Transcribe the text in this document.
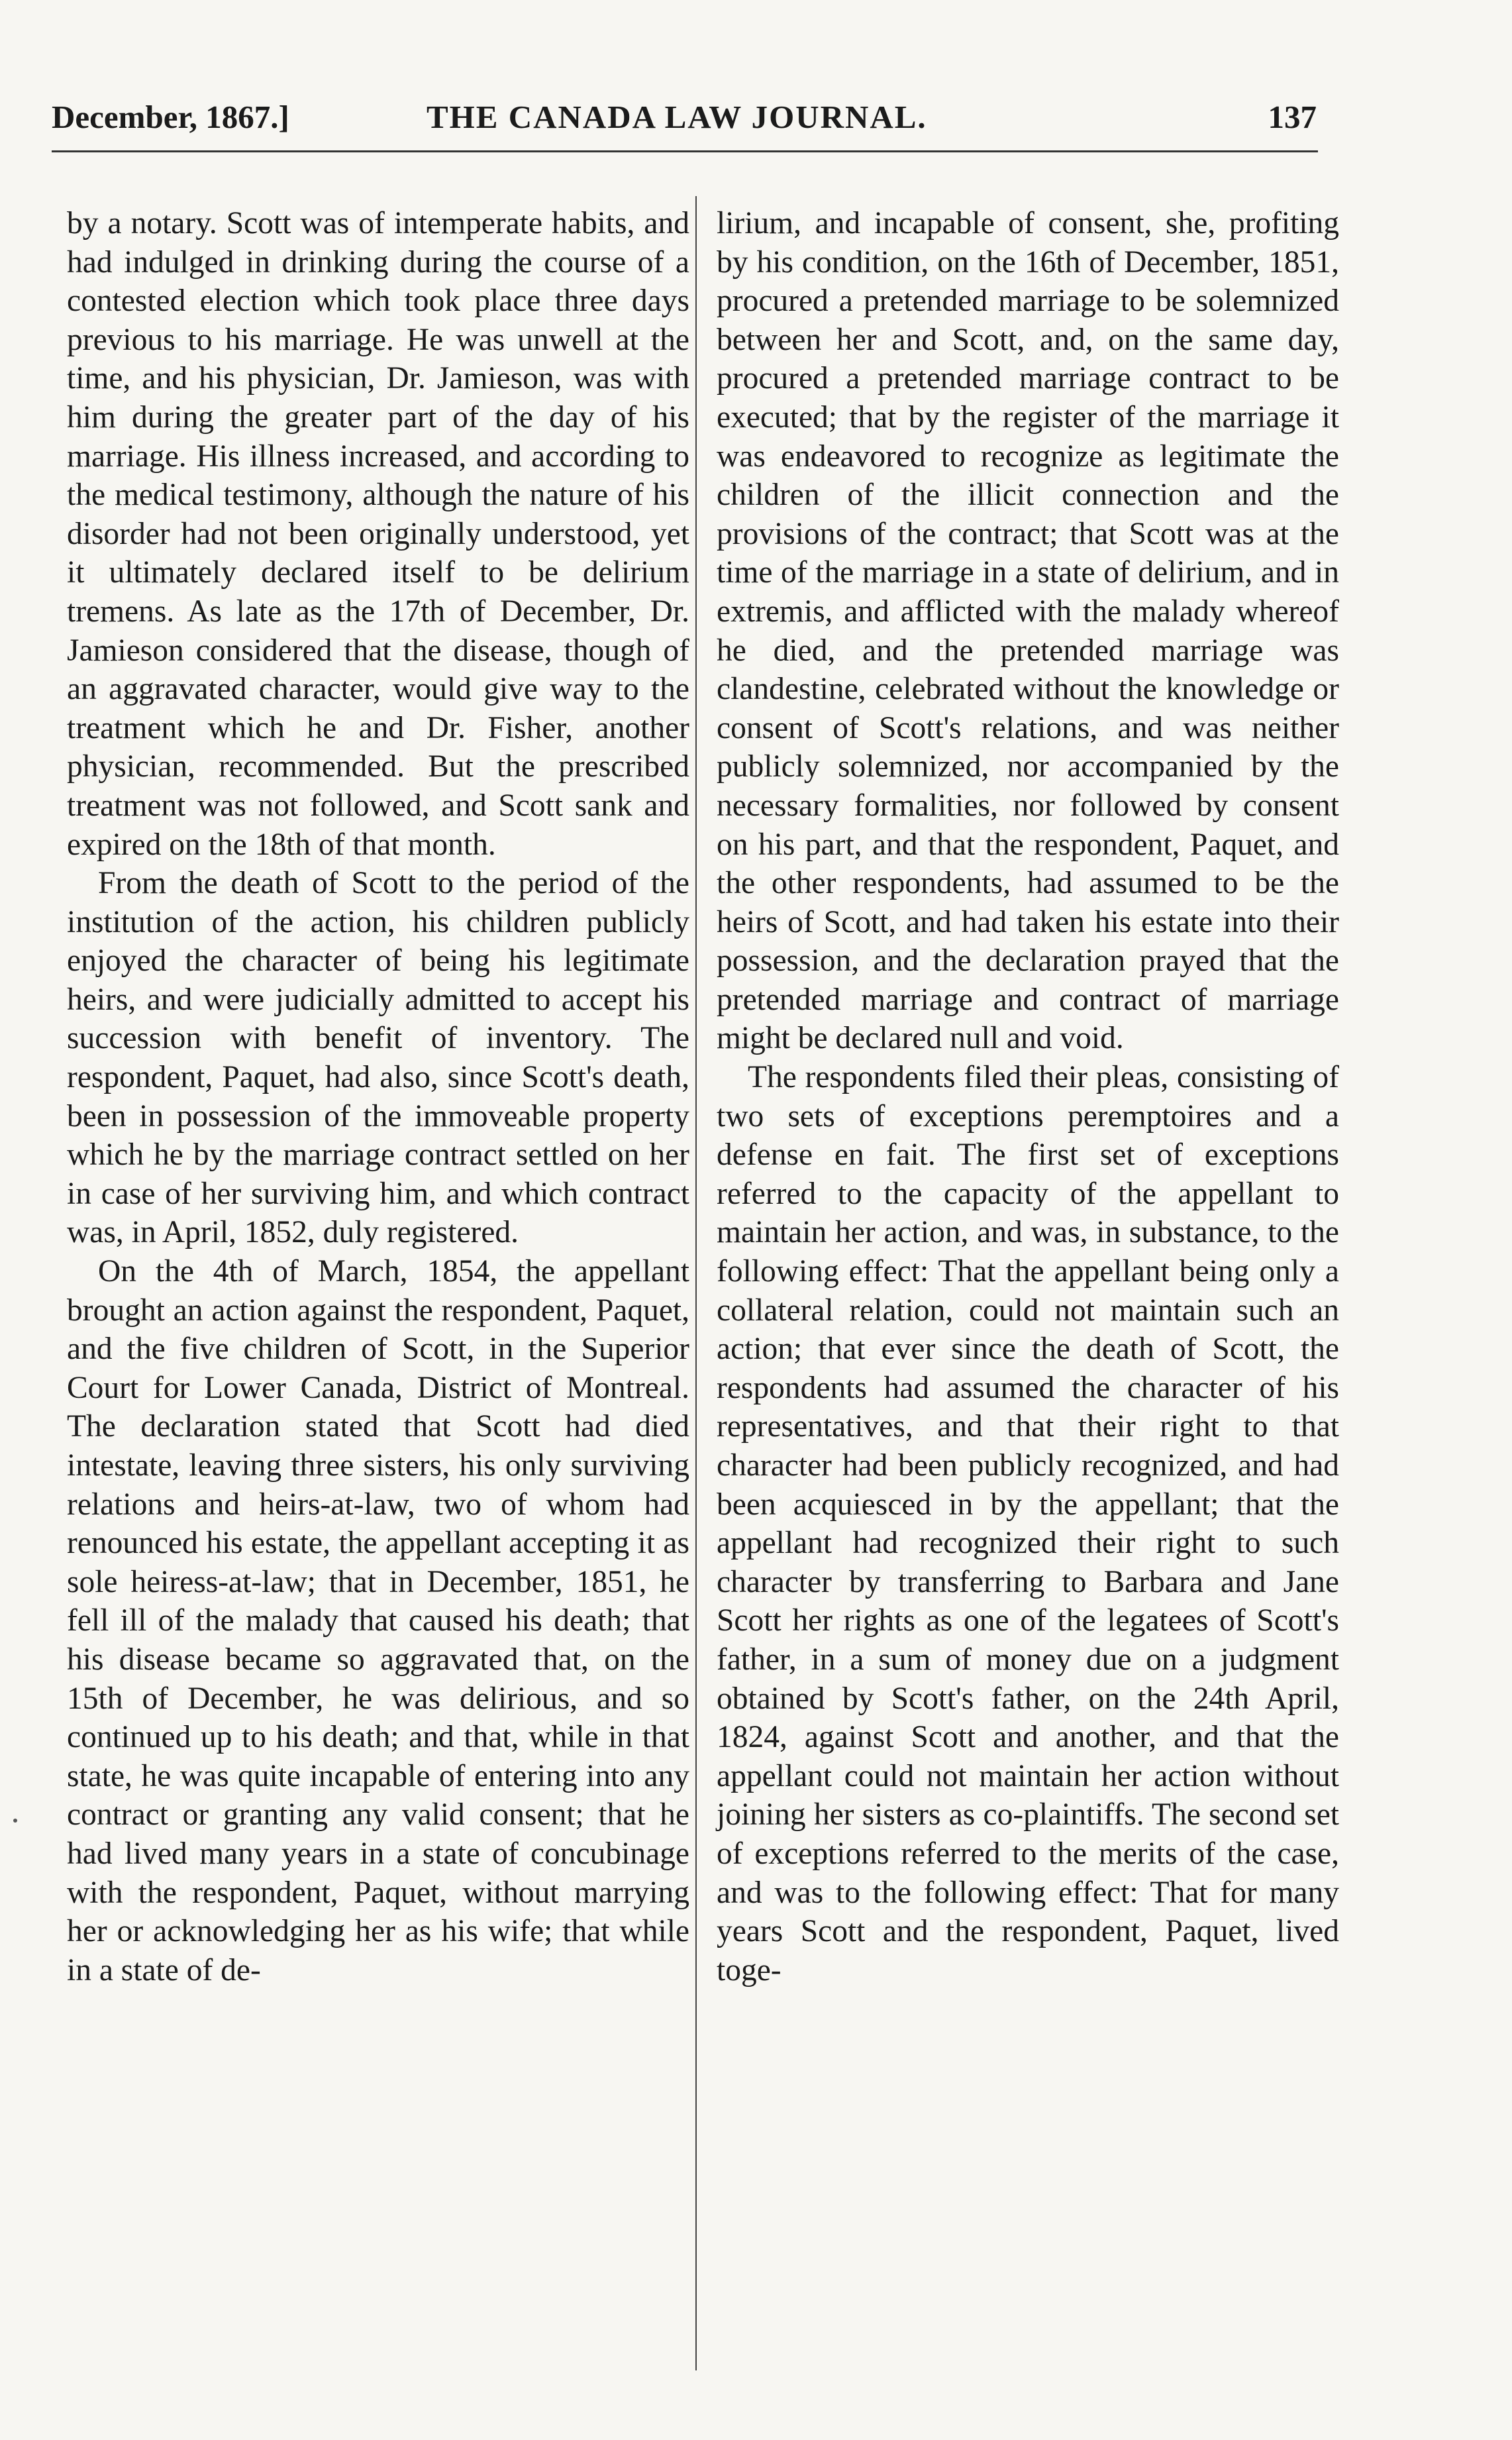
December, 1867.]	THE CANADA LAW JOURNAL.	137

by a notary. Scott was of intemperate habits, and had indulged in drinking during the course of a contested election which took place three days previous to his marriage. He was unwell at the time, and his physician, Dr. Jamieson, was with him during the greater part of the day of his marriage. His illness increased, and according to the medical testimony, although the nature of his disorder had not been originally understood, yet it ultimately declared itself to be delirium tremens. As late as the 17th of December, Dr. Jamieson considered that the disease, though of an aggravated character, would give way to the treatment which he and Dr. Fisher, another physician, recommended. But the prescribed treatment was not followed, and Scott sank and expired on the 18th of that month.

From the death of Scott to the period of the institution of the action, his children publicly enjoyed the character of being his legitimate heirs, and were judicially admitted to accept his succession with benefit of inventory. The respondent, Paquet, had also, since Scott's death, been in possession of the immoveable property which he by the marriage contract settled on her in case of her surviving him, and which contract was, in April, 1852, duly registered.

On the 4th of March, 1854, the appellant brought an action against the respondent, Paquet, and the five children of Scott, in the Superior Court for Lower Canada, District of Montreal. The declaration stated that Scott had died intestate, leaving three sisters, his only surviving relations and heirs-at-law, two of whom had renounced his estate, the appellant accepting it as sole heiress-at-law; that in December, 1851, he fell ill of the malady that caused his death; that his disease became so aggravated that, on the 15th of December, he was delirious, and so continued up to his death; and that, while in that state, he was quite incapable of entering into any contract or granting any valid consent; that he had lived many years in a state of concubinage with the respondent, Paquet, without marrying her or acknowledging her as his wife; that while in a state of de-

lirium, and incapable of consent, she, profiting by his condition, on the 16th of December, 1851, procured a pretended marriage to be solemnized between her and Scott, and, on the same day, procured a pretended marriage contract to be executed; that by the register of the marriage it was endeavored to recognize as legitimate the children of the illicit connection and the provisions of the contract; that Scott was at the time of the marriage in a state of delirium, and in extremis, and afflicted with the malady whereof he died, and the pretended marriage was clandestine, celebrated without the knowledge or consent of Scott's relations, and was neither publicly solemnized, nor accompanied by the necessary formalities, nor followed by consent on his part, and that the respondent, Paquet, and the other respondents, had assumed to be the heirs of Scott, and had taken his estate into their possession, and the declaration prayed that the pretended marriage and contract of marriage might be declared null and void.

The respondents filed their pleas, consisting of two sets of exceptions peremptoires and a defense en fait. The first set of exceptions referred to the capacity of the appellant to maintain her action, and was, in substance, to the following effect: That the appellant being only a collateral relation, could not maintain such an action; that ever since the death of Scott, the respondents had assumed the character of his representatives, and that their right to that character had been publicly recognized, and had been acquiesced in by the appellant; that the appellant had recognized their right to such character by transferring to Barbara and Jane Scott her rights as one of the legatees of Scott's father, in a sum of money due on a judgment obtained by Scott's father, on the 24th April, 1824, against Scott and another, and that the appellant could not maintain her action without joining her sisters as co-plaintiffs. The second set of exceptions referred to the merits of the case, and was to the following effect: That for many years Scott and the respondent, Paquet, lived toge-
